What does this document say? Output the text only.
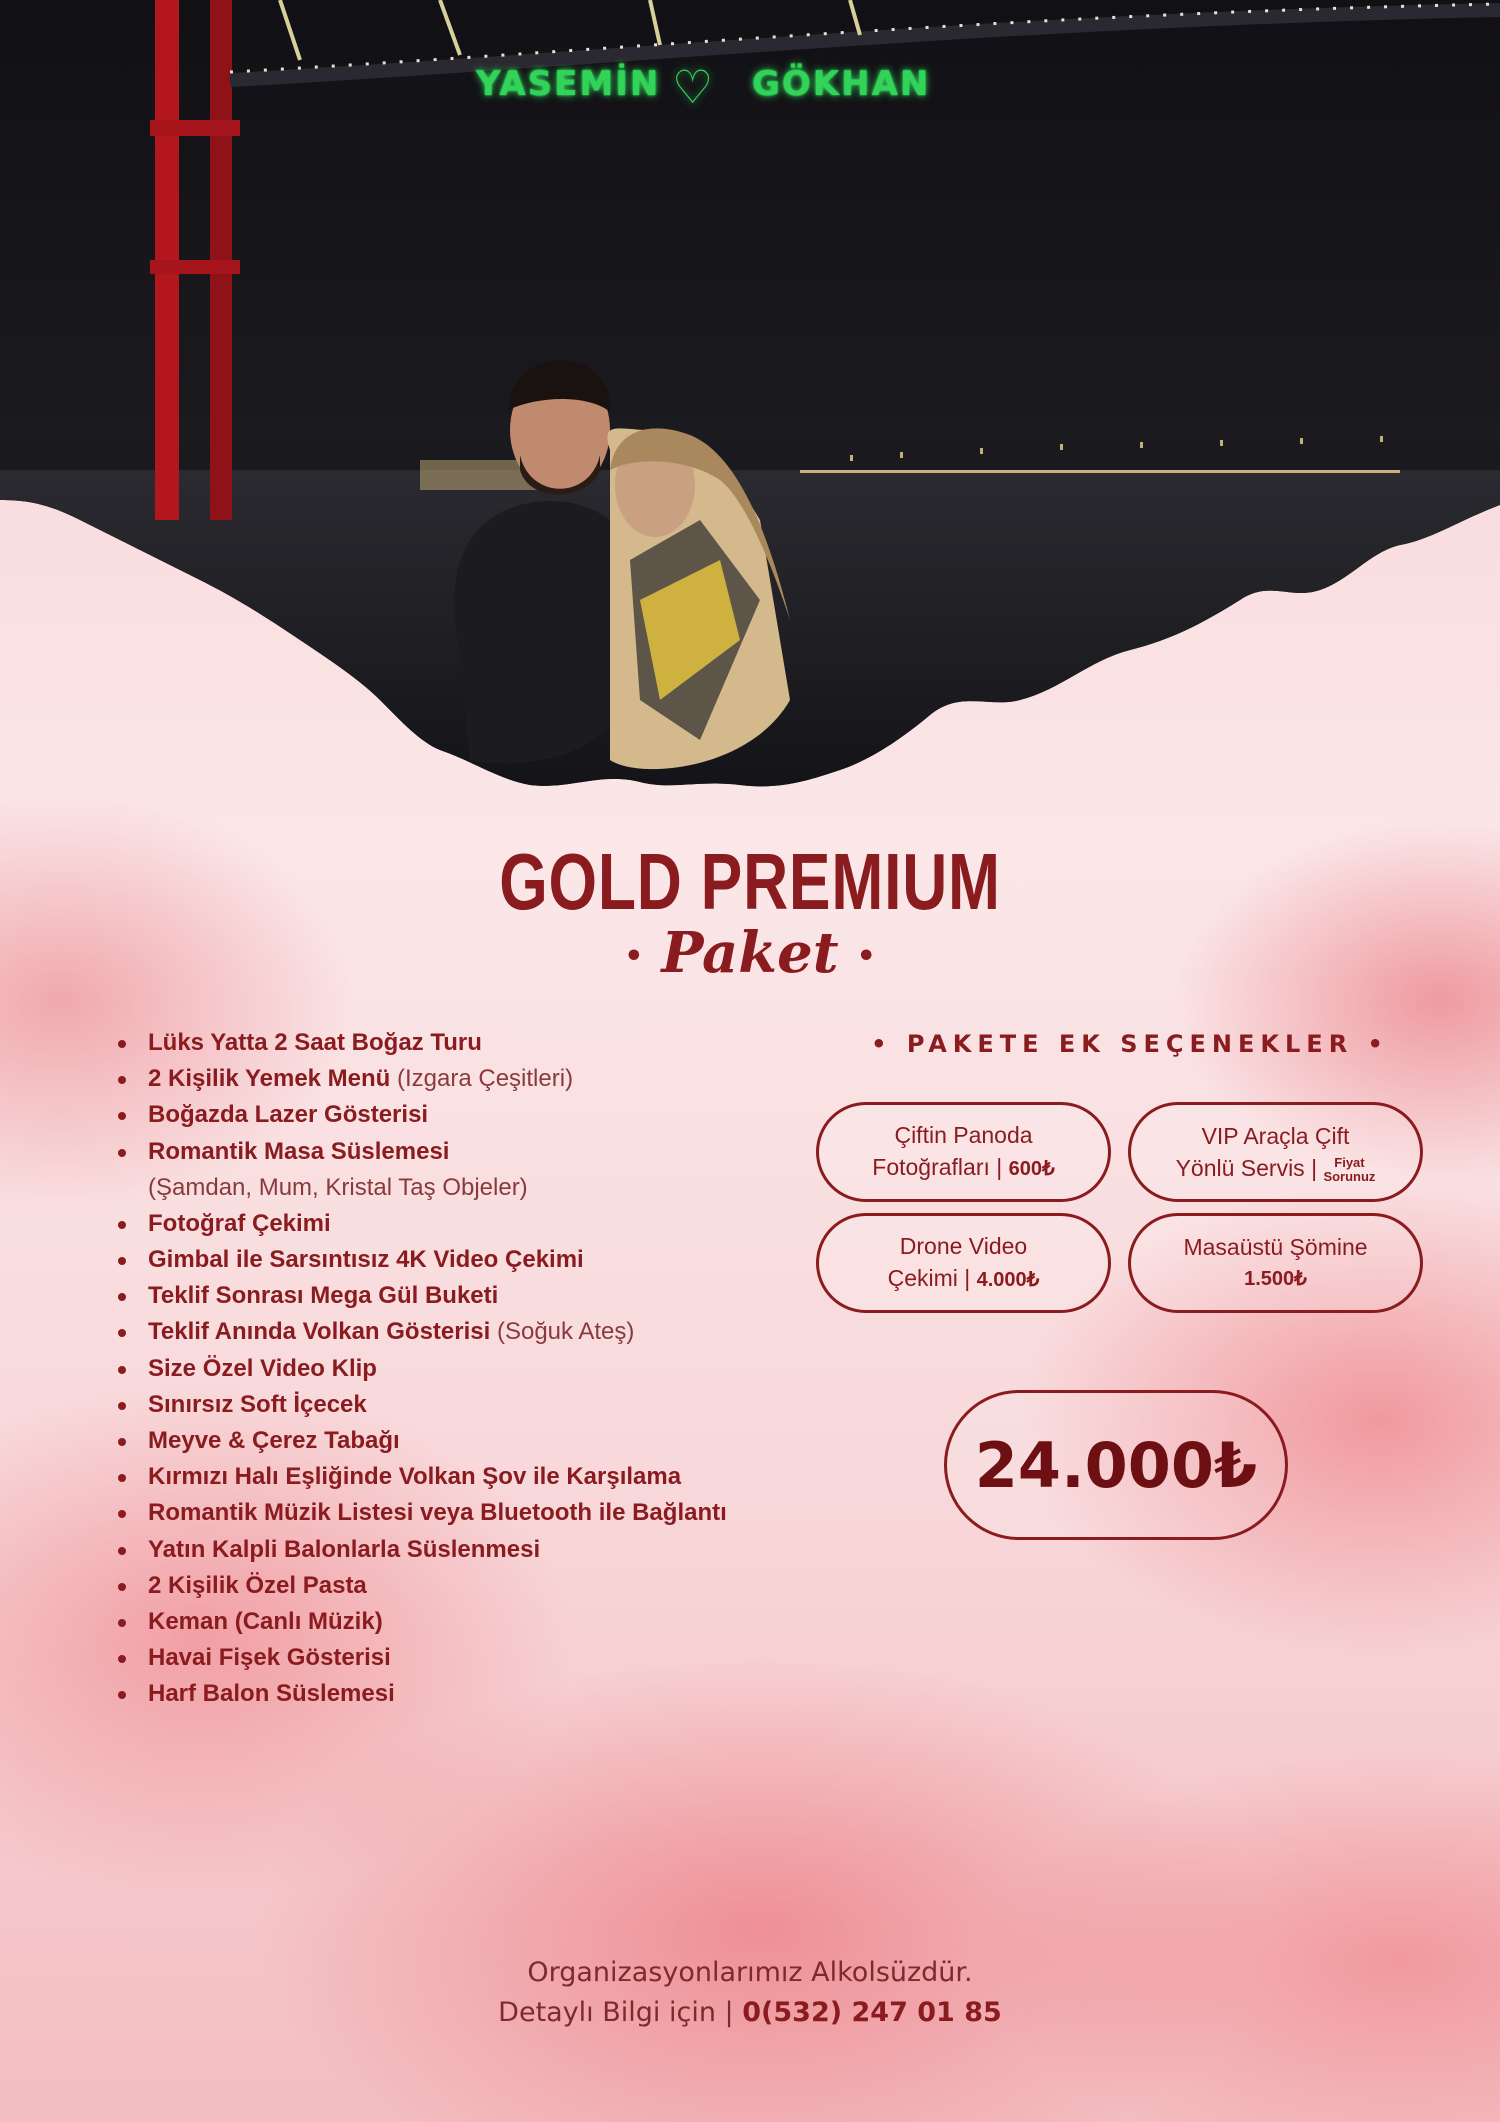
YASEMİN ♡ GÖKHAN
GOLD PREMIUM
• Paket •
Lüks Yatta 2 Saat Boğaz Turu
2 Kişilik Yemek Menü (Izgara Çeşitleri)
Boğazda Lazer Gösterisi
Romantik Masa Süslemesi
(Şamdan, Mum, Kristal Taş Objeler)
Fotoğraf Çekimi
Gimbal ile Sarsıntısız 4K Video Çekimi
Teklif Sonrası Mega Gül Buketi
Teklif Anında Volkan Gösterisi (Soğuk Ateş)
Size Özel Video Klip
Sınırsız Soft İçecek
Meyve & Çerez Tabağı
Kırmızı Halı Eşliğinde Volkan Şov ile Karşılama
Romantik Müzik Listesi veya Bluetooth ile Bağlantı
Yatın Kalpli Balonlarla Süslenmesi
2 Kişilik Özel Pasta
Keman (Canlı Müzik)
Havai Fişek Gösterisi
Harf Balon Süslemesi
• PAKETE EK SEÇENEKLER •
Çiftin Panoda
Fotoğrafları | 600₺
VIP Araçla Çift
Yönlü Servis | Fiyat
Sorunuz
Drone Video
Çekimi | 4.000₺
Masaüstü Şömine
1.500₺
24.000₺
Organizasyonlarımız Alkolsüzdür.
Detaylı Bilgi için | 0(532) 247 01 85
